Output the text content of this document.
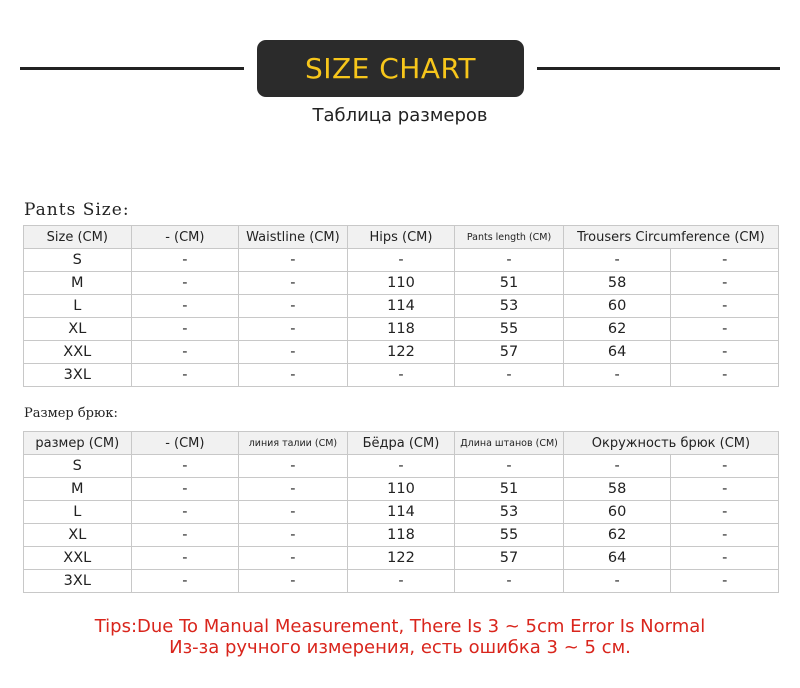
SIZE CHART
Таблица размеров
Pants Size:
Size (CM)	- (CM)	Waistline (CM)	Hips (CM)	Pants length (CM)	Trousers Circumference (CM)	
S	-	-	-	-	-	-
M	-	-	110	51	58	-
L	-	-	114	53	60	-
XL	-	-	118	55	62	-
XXL	-	-	122	57	64	-
3XL	-	-	-	-	-	-
Размер брюк:
размер (CM)	- (CM)	линия талии (CM)	Бёдра (CM)	Длина штанов (CM)	Окружность брюк (CM)	
S	-	-	-	-	-	-
M	-	-	110	51	58	-
L	-	-	114	53	60	-
XL	-	-	118	55	62	-
XXL	-	-	122	57	64	-
3XL	-	-	-	-	-	-
Tips:Due To Manual Measurement, There Is 3 ~ 5cm Error Is Normal
Из-за ручного измерения, есть ошибка 3 ~ 5 см.
